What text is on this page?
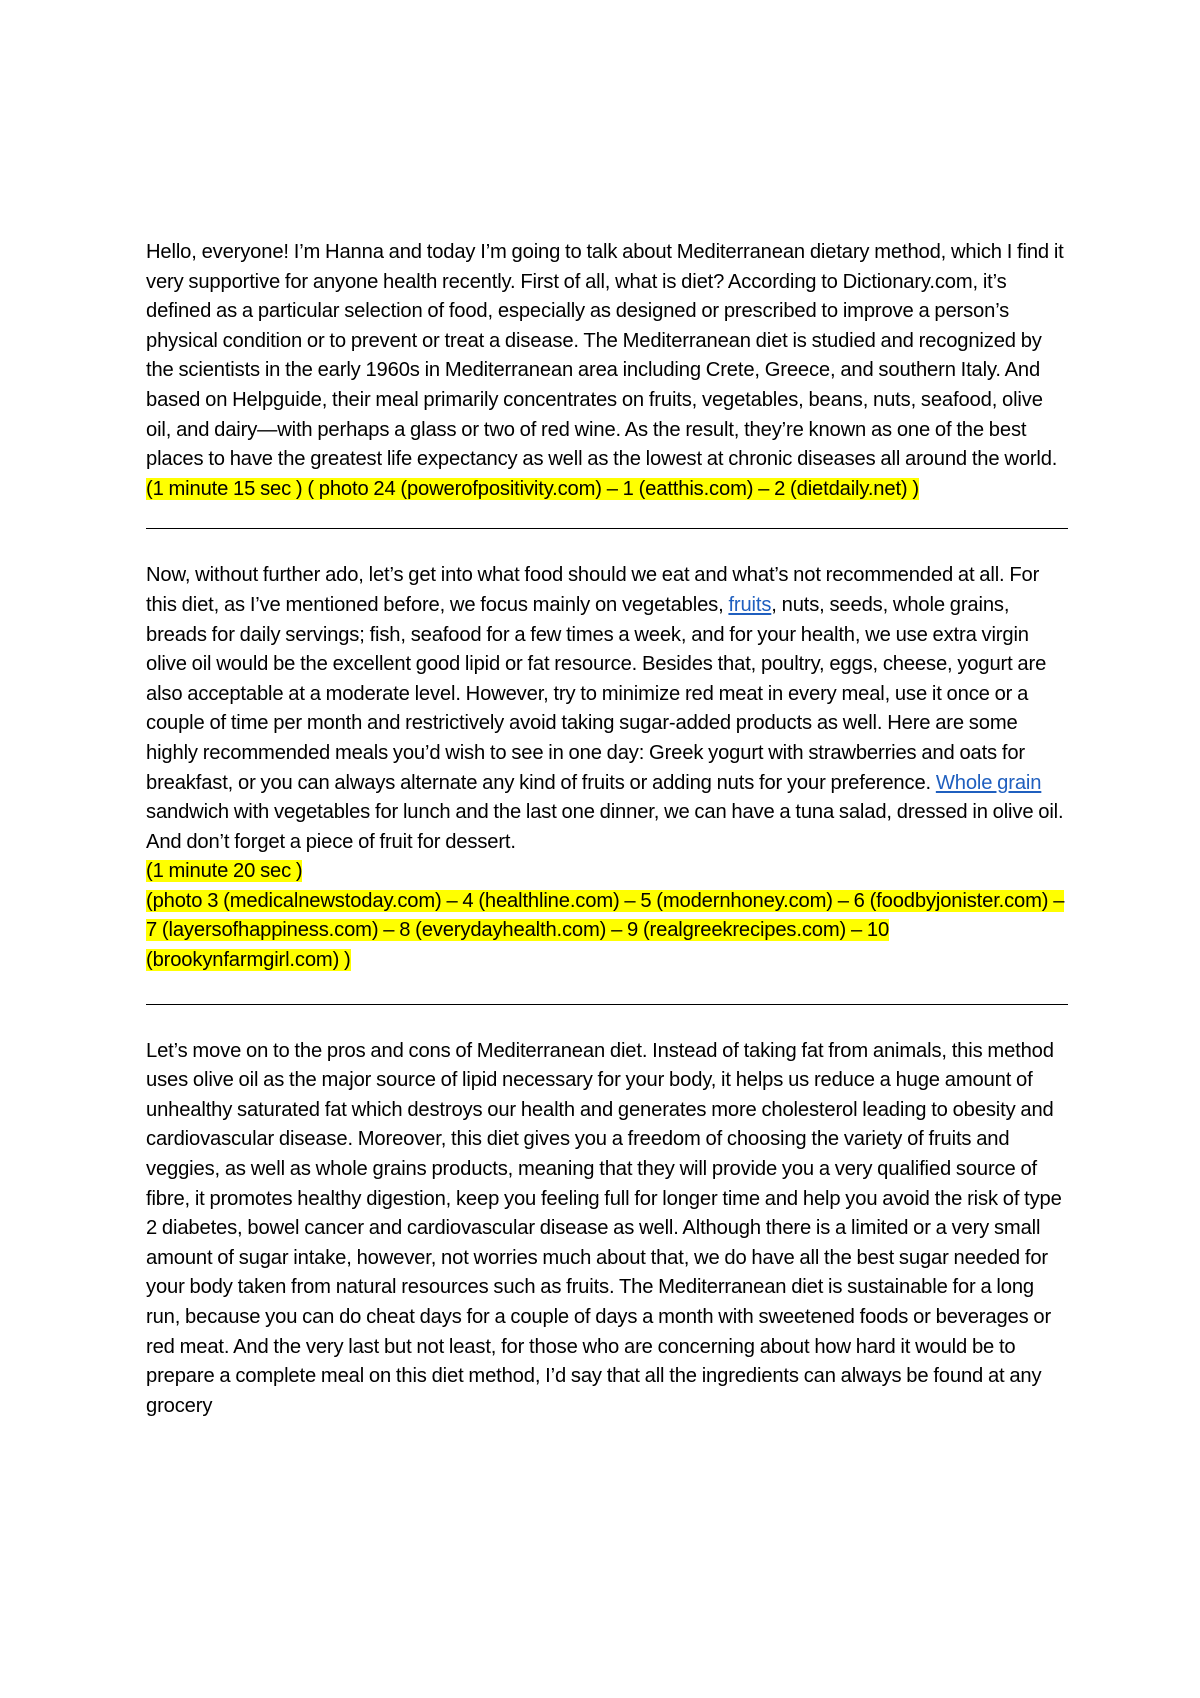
Hello, everyone! I’m Hanna and today I’m going to talk about Mediterranean dietary method, which I find it very supportive for anyone health recently. First of all, what is diet? According to Dictionary.com, it’s defined as a particular selection of food, especially as designed or prescribed to improve a person’s physical condition or to prevent or treat a disease. The Mediterranean diet is studied and recognized by the scientists in the early 1960s in Mediterranean area including Crete, Greece, and southern Italy. And based on Helpguide, their meal primarily concentrates on fruits, vegetables, beans, nuts, seafood, olive oil, and dairy—with perhaps a glass or two of red wine. As the result, they’re known as one of the best places to have the greatest life expectancy as well as the lowest at chronic diseases all around the world. (1 minute 15 sec ) ( photo 24 (powerofpositivity.com) – 1 (eatthis.com) – 2 (dietdaily.net) )

Now, without further ado, let’s get into what food should we eat and what’s not recommended at all. For this diet, as I’ve mentioned before, we focus mainly on vegetables, fruits, nuts, seeds, whole grains, breads for daily servings; fish, seafood for a few times a week, and for your health, we use extra virgin olive oil would be the excellent good lipid or fat resource. Besides that, poultry, eggs, cheese, yogurt are also acceptable at a moderate level. However, try to minimize red meat in every meal, use it once or a couple of time per month and restrictively avoid taking sugar-added products as well. Here are some highly recommended meals you’d wish to see in one day: Greek yogurt with strawberries and oats for breakfast, or you can always alternate any kind of fruits or adding nuts for your preference. Whole grain sandwich with vegetables for lunch and the last one dinner, we can have a tuna salad, dressed in olive oil. And don’t forget a piece of fruit for dessert.
(1 minute 20 sec )
(photo 3 (medicalnewstoday.com) – 4 (healthline.com) – 5 (modernhoney.com) – 6 (foodbyjonister.com) – 7 (layersofhappiness.com) – 8 (everydayhealth.com) – 9 (realgreekrecipes.com) – 10 (brookynfarmgirl.com) )

Let’s move on to the pros and cons of Mediterranean diet. Instead of taking fat from animals, this method uses olive oil as the major source of lipid necessary for your body, it helps us reduce a huge amount of unhealthy saturated fat which destroys our health and generates more cholesterol leading to obesity and cardiovascular disease. Moreover, this diet gives you a freedom of choosing the variety of fruits and veggies, as well as whole grains products, meaning that they will provide you a very qualified source of fibre, it promotes healthy digestion, keep you feeling full for longer time and help you avoid the risk of type 2 diabetes, bowel cancer and cardiovascular disease as well. Although there is a limited or a very small amount of sugar intake, however, not worries much about that, we do have all the best sugar needed for your body taken from natural resources such as fruits. The Mediterranean diet is sustainable for a long run, because you can do cheat days for a couple of days a month with sweetened foods or beverages or red meat. And the very last but not least, for those who are concerning about how hard it would be to prepare a complete meal on this diet method, I’d say that all the ingredients can always be found at any grocery
